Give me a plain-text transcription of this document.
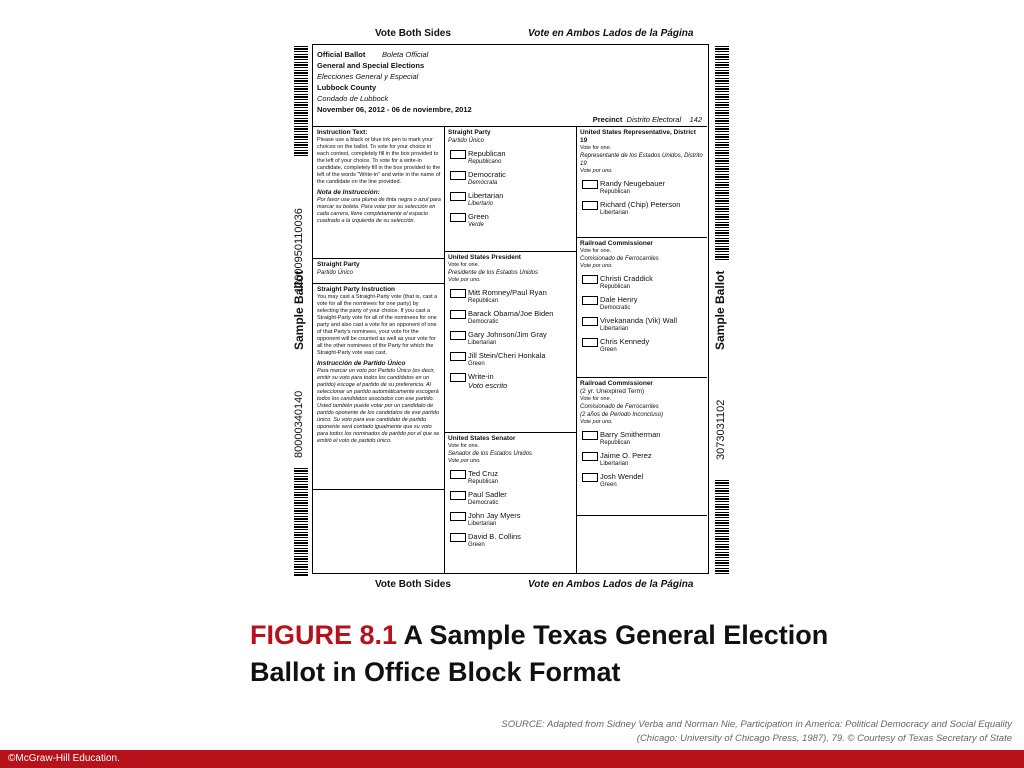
Vote Both Sides	Vote en Ambos Lados de la Página
12000950110036
Sample Ballot
80000340140
Sample Ballot
3073031102
Official Ballot Boleta Official
General and Special Elections
Elecciones General y Especial
Lubbock County
Condado de Lubbock
November 06, 2012 - 06 de noviembre, 2012
Precinct Distrito Electoral 142
Instruction Text:
Please use a black or blue ink pen to mark your choices on the ballot. To vote for your choice in each contest, completely fill in the box provided to the left of your choice. To vote for a write-in candidate, completely fill in the box provided to the left of the words "Write-in" and write in the name of the candidate on the line provided.
Nota de Instrucción:
Por favor use una pluma de tinta negra o azul para marcar su boleta. Para votar por su selección en cada carrera, llene completamente el espacio cuadrado a la izquierda de su selección.
Straight Party
Partido Único
Straight Party Instruction
You may cast a Straight-Party vote (that is, cast a vote for all the nominees for one party) by selecting the party of your choice. If you cast a Straight-Party vote for all of the nominees for one party and also cast a vote for an opponent of one of that Party's nominees, your vote for the opponent will be counted as well as your vote for all the other nominees of the Party for which the Straight-Party vote was cast.
Instrucción de Partido Único
Para marcar un voto por Partido Único (es decir, emitir su voto para todos los candidatos en un partido) escoge el partido de su preferencia. Al seleccionar un partido automáticamente escogerá todos los candidatos asociados con ese partido. Usted también puede votar por un candidato de partido oponente de los candidatos de ese partido único. Su voto para ese candidato de partido oponente será contado igualmente que su voto para todos los nominados de partido por el que se emitió el voto de partido único.
Straight Party
Partido Único
Republican
Republicano
Democratic
Demócrata
Libertarian
Libertario
Green
Verde
United States President
Vote for one.
Presidente de los Estados Unidos
Vote por uno.
Mitt Romney/Paul Ryan
Republican
Barack Obama/Joe Biden
Democratic
Gary Johnson/Jim Gray
Libertarian
Jill Stein/Cheri Honkala
Green
Write-in
Voto escrito
United States Senator
Vote for one.
Senador de los Estados Unidos
Vote por uno.
Ted Cruz
Republican
Paul Sadler
Democratic
John Jay Myers
Libertarian
David B. Collins
Green
United States Representative, District 19
Vote for one.
Representante de los Estados Unidos, Distrito 19
Vote por uno.
Randy Neugebauer
Republican
Richard (Chip) Peterson
Libertarian
Railroad Commissioner
Vote for one.
Comisionado de Ferrocarriles
Vote por uno.
Christi Craddick
Republican
Dale Henry
Democratic
Vivekananda (Vik) Wall
Libertarian
Chris Kennedy
Green
Railroad Commissioner
(2 yr. Unexpired Term)
Vote for one.
Comisionado de Ferrocarriles
(2 años de Periodo Inconcluso)
Vote por uno.
Barry Smitherman
Republican
Jaime O. Perez
Libertarian
Josh Wendel
Green
Vote Both Sides	Vote en Ambos Lados de la Página
FIGURE 8.1 A Sample Texas General Election Ballot in Office Block Format
SOURCE: Adapted from Sidney Verba and Norman Nie, Participation in America: Political Democracy and Social Equality
(Chicago: University of Chicago Press, 1987), 79. © Courtesy of Texas Secretary of State
©McGraw-Hill Education.
